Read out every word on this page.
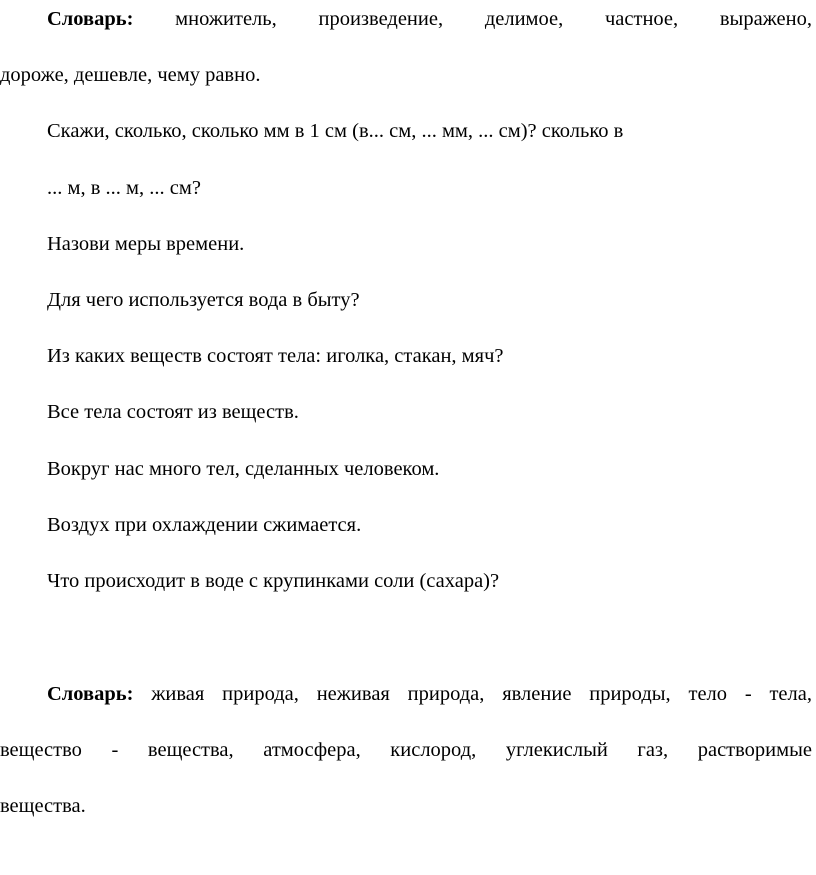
Словарь: множитель, произведение, делимое, частное, выражено,
дороже, дешевле, чему равно.
Скажи, сколько, сколько мм в 1 см (в... см, ... мм, ... см)? сколько в
... м, в ... м, ... см?
Назови меры времени.
Для чего используется вода в быту?
Из каких веществ состоят тела: иголка, стакан, мяч?
Все тела состоят из веществ.
Вокруг нас много тел, сделанных человеком.
Воздух при охлаждении сжимается.
Что происходит в воде с крупинками соли (сахара)?
Словарь: живая природа, неживая природа, явление природы, тело - тела,
вещество - вещества, атмосфера, кислород, углекислый газ, растворимые
вещества.
